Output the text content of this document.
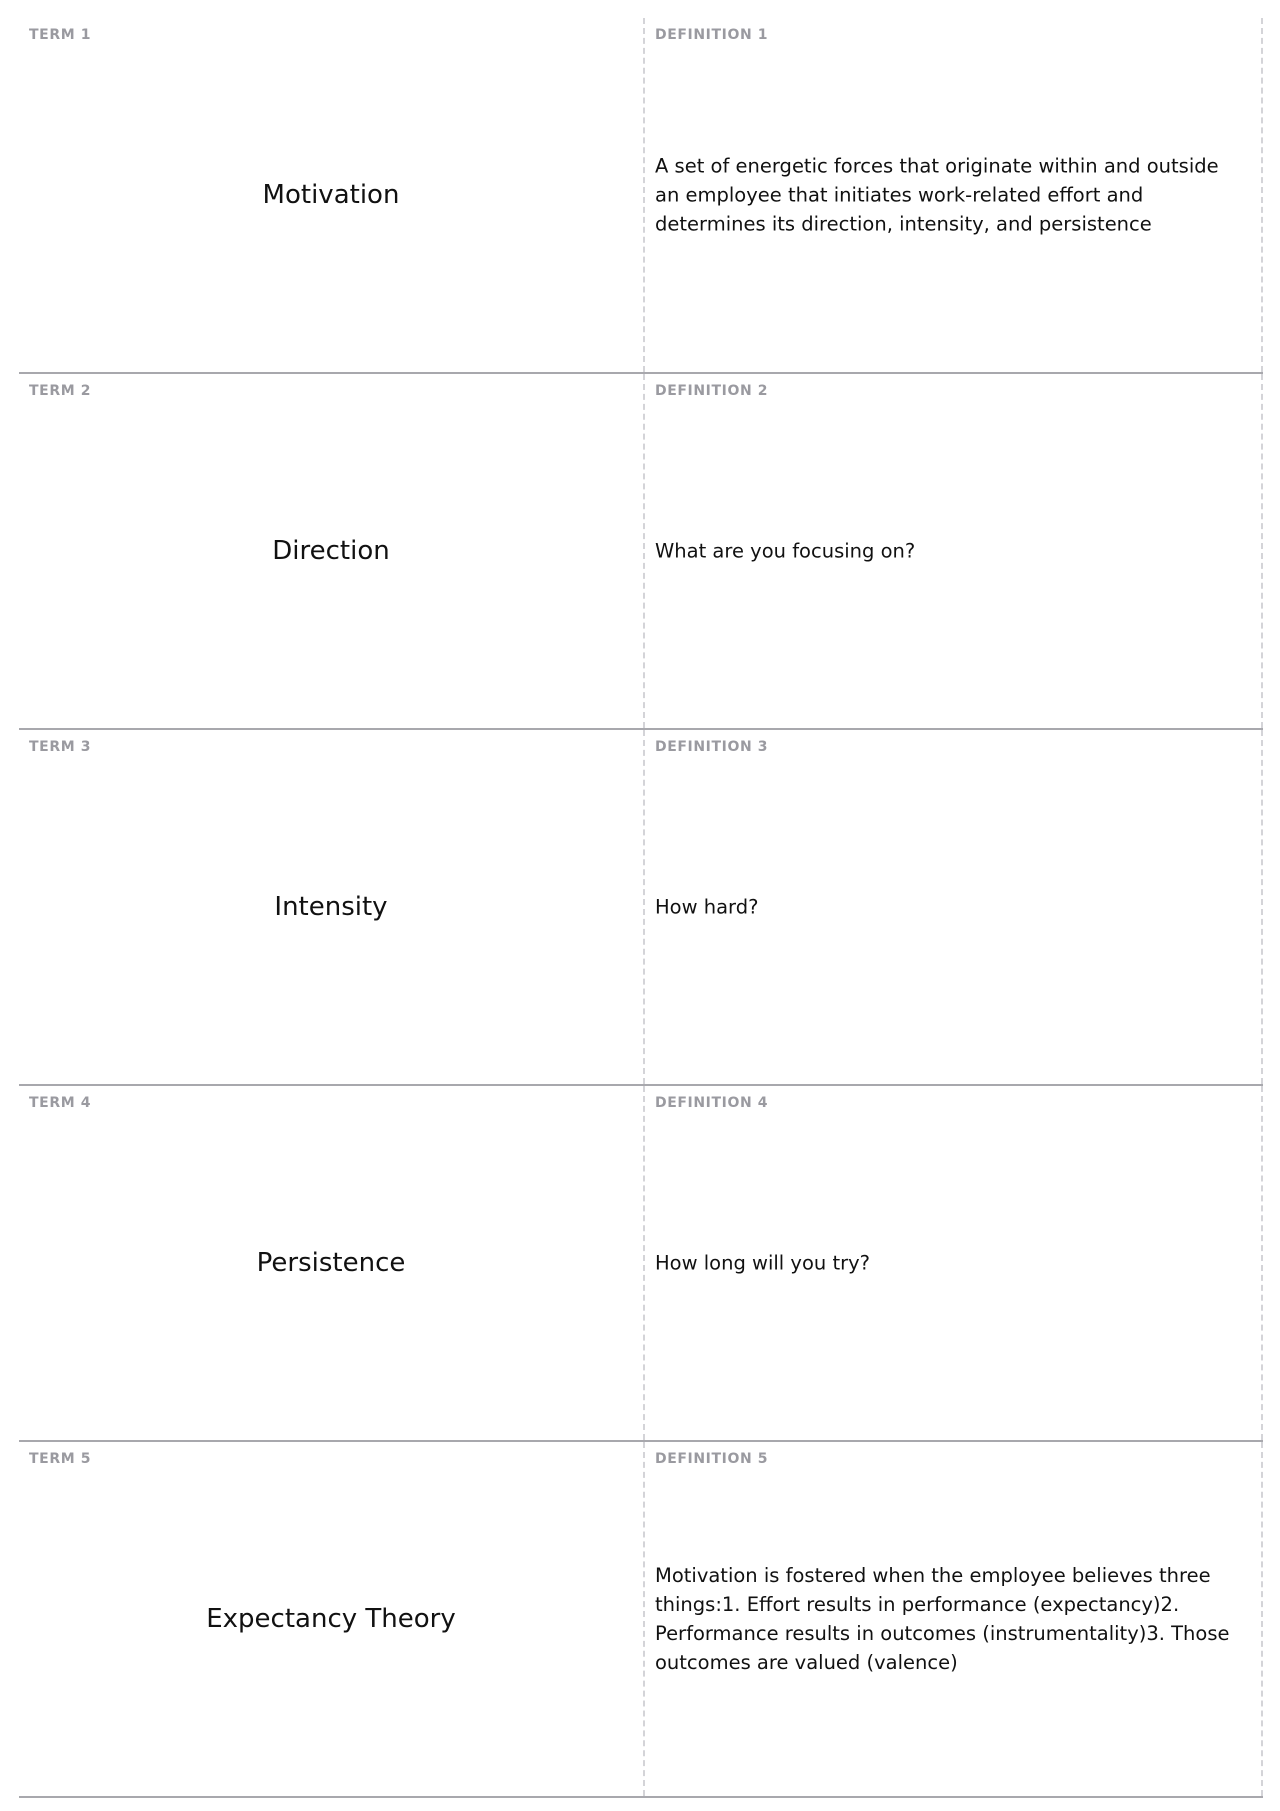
TERM 1
Motivation
DEFINITION 1
A set of energetic forces that originate within and outside an employee that initiates work-related effort and determines its direction, intensity, and persistence
TERM 2
Direction
DEFINITION 2
What are you focusing on?
TERM 3
Intensity
DEFINITION 3
How hard?
TERM 4
Persistence
DEFINITION 4
How long will you try?
TERM 5
Expectancy Theory
DEFINITION 5
Motivation is fostered when the employee believes three things:1. Effort results in performance (expectancy)2. Performance results in outcomes (instrumentality)3. Those outcomes are valued (valence)
